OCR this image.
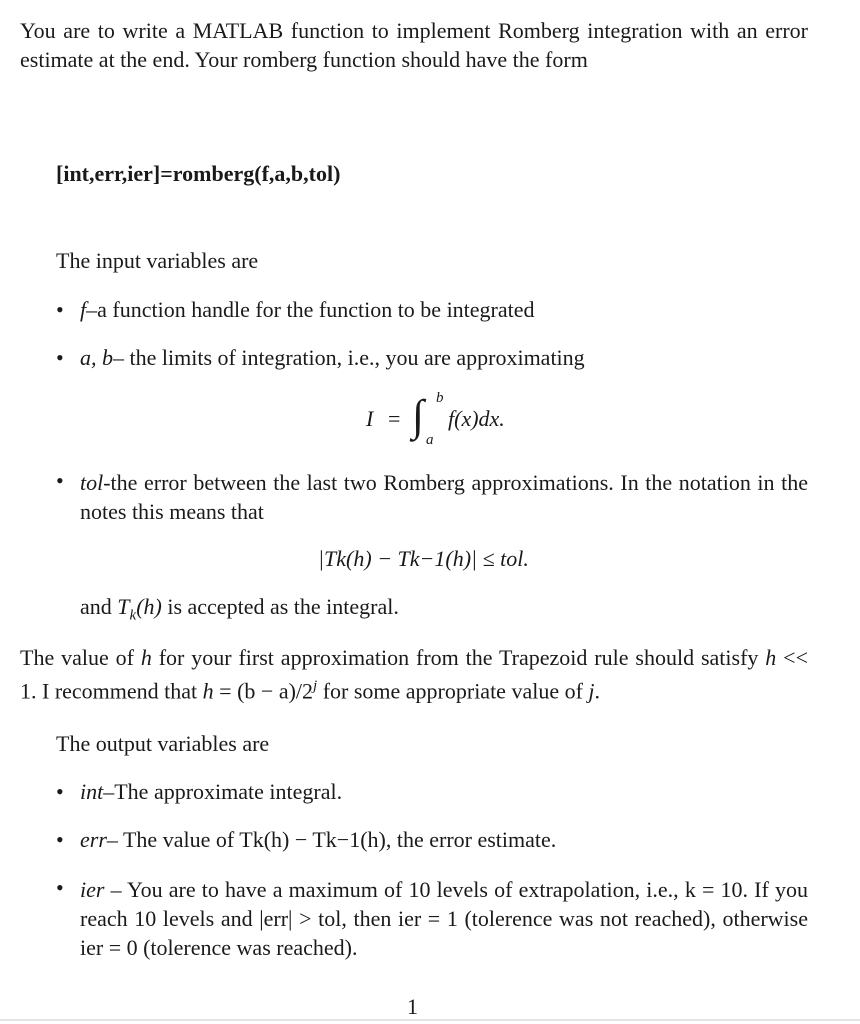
You are to write a MATLAB function to implement Romberg integration with an error estimate at the end. Your romberg function should have the form

[int,err,ier]=romberg(f,a,b,tol)
The input variables are
• f–a function handle for the function to be integrated
• a, b– the limits of integration, i.e., you are approximating
I = ∫ b
a
f(x)dx.
• tol-the error between the last two Romberg approximations. In the notation in the notes this means that

|Tk(h) − Tk−1(h)| ≤ tol.
and $T_k(h)$ is accepted as the integral.

The value of h for your first approximation from the Trapezoid rule should satisfy h << 1. I recommend that $h = (b - a)/2^j$ for some appropriate value of j.

The output variables are
• int–The approximate integral.
• err– The value of Tk(h) − Tk−1(h), the error estimate.
• ier – You are to have a maximum of 10 levels of extrapolation, i.e., k = 10. If you reach 10 levels and |err| > tol, then ier = 1 (tolerence was not reached), otherwise ier = 0 (tolerence was reached).

1
